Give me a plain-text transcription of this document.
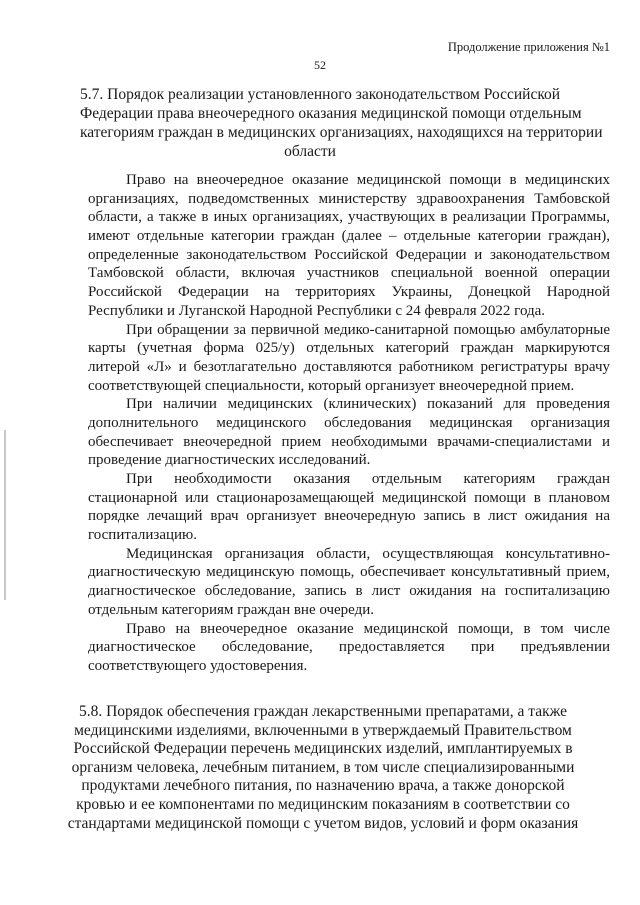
Продолжение приложения №1
52

5.7. Порядок реализации установленного законодательством Российской

Федерации права внеочередного оказания медицинской помощи отдельным

категориям граждан в медицинских организациях, находящихся на территории

области

Право на внеочередное оказание медицинской помощи в медицинских
организациях, подведомственных министерству здравоохранения Тамбовской
области, а также в иных организациях, участвующих в реализации Программы,
имеют отдельные категории граждан (далее – отдельные категории граждан),
определенные законодательством Российской Федерации и законодательством
Тамбовской области, включая участников специальной военной операции
Российской Федерации на территориях Украины, Донецкой Народной
Республики и Луганской Народной Республики с 24 февраля 2022 года.
При обращении за первичной медико-санитарной помощью амбулаторные
карты (учетная форма 025/у) отдельных категорий граждан маркируются
литерой «Л» и безотлагательно доставляются работником регистратуры врачу
соответствующей специальности, который организует внеочередной прием.
При наличии медицинских (клинических) показаний для проведения
дополнительного медицинского обследования медицинская организация
обеспечивает внеочередной прием необходимыми врачами-специалистами и
проведение диагностических исследований.
При необходимости оказания отдельным категориям граждан
стационарной или стационарозамещающей медицинской помощи в плановом
порядке лечащий врач организует внеочередную запись в лист ожидания на
госпитализацию.
Медицинская организация области, осуществляющая консультативно-
диагностическую медицинскую помощь, обеспечивает консультативный прием,
диагностическое обследование, запись в лист ожидания на госпитализацию
отдельным категориям граждан вне очереди.
Право на внеочередное оказание медицинской помощи, в том числе
диагностическое обследование, предоставляется при предъявлении
соответствующего удостоверения.

5.8. Порядок обеспечения граждан лекарственными препаратами, а также

медицинскими изделиями, включенными в утверждаемый Правительством

Российской Федерации перечень медицинских изделий, имплантируемых в

организм человека, лечебным питанием, в том числе специализированными

продуктами лечебного питания, по назначению врача, а также донорской

кровью и ее компонентами по медицинским показаниям в соответствии со

стандартами медицинской помощи с учетом видов, условий и форм оказания
